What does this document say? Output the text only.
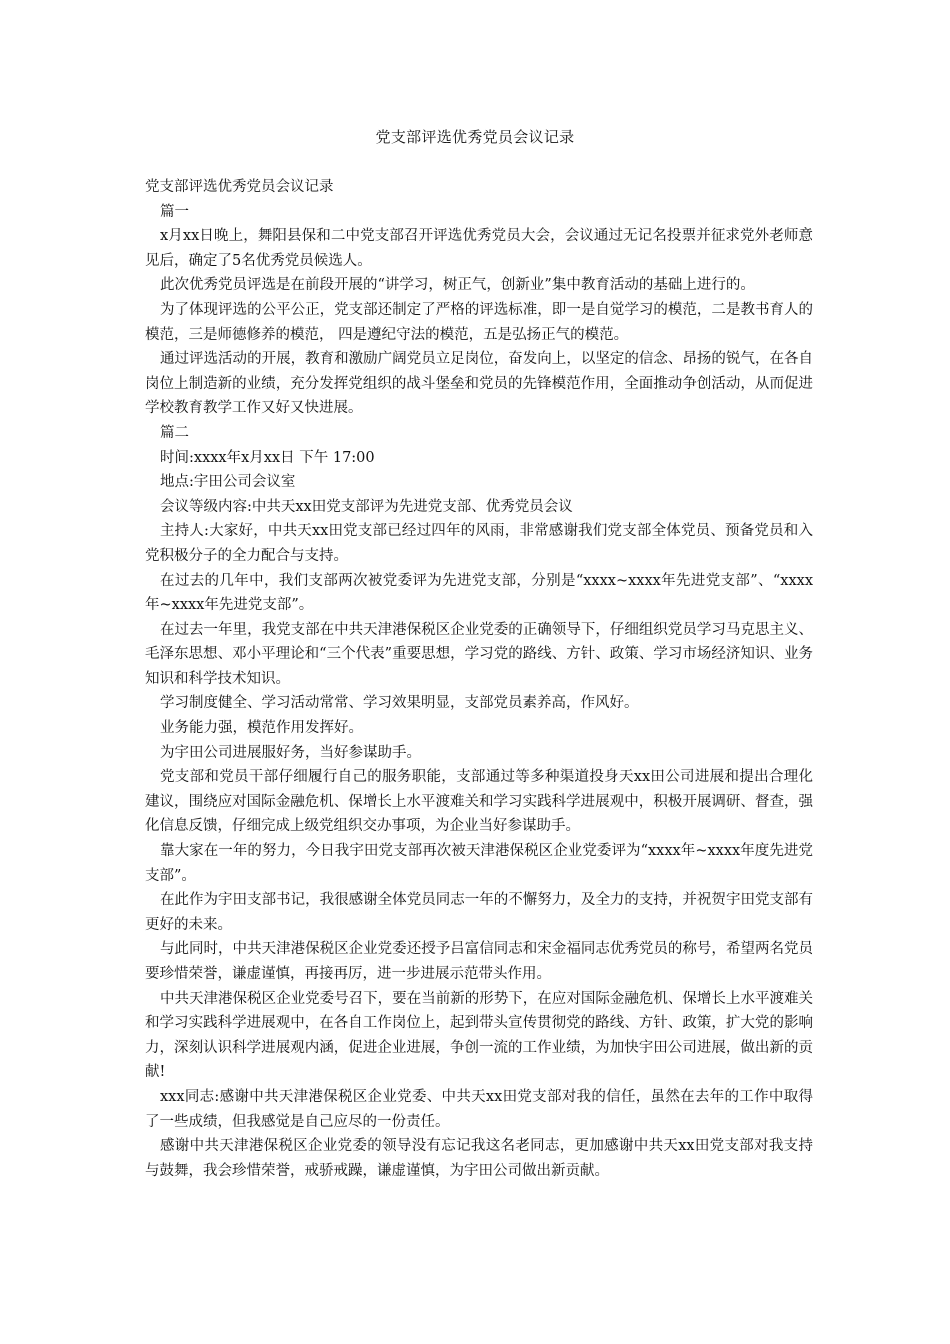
党支部评选优秀党员会议记录

党支部评选优秀党员会议记录

篇一

x月xx日晚上，舞阳县保和二中党支部召开评选优秀党员大会，会议通过无记名投票并征求党外老师意见后，确定了5名优秀党员候选人。

此次优秀党员评选是在前段开展的“讲学习，树正气，创新业”集中教育活动的基础上进行的。

为了体现评选的公平公正，党支部还制定了严格的评选标准，即一是自觉学习的模范，二是教书育人的模范，三是师德修养的模范， 四是遵纪守法的模范，五是弘扬正气的模范。

通过评选活动的开展，教育和激励广阔党员立足岗位，奋发向上，以坚定的信念、昂扬的锐气，在各自岗位上制造新的业绩，充分发挥党组织的战斗堡垒和党员的先锋模范作用，全面推动争创活动，从而促进学校教育教学工作又好又快进展。

篇二

时间:xxxx年x月xx日 下午 17:00

地点:宇田公司会议室

会议等级内容:中共天xx田党支部评为先进党支部、优秀党员会议

主持人:大家好，中共天xx田党支部已经过四年的风雨，非常感谢我们党支部全体党员、预备党员和入党积极分子的全力配合与支持。

在过去的几年中，我们支部两次被党委评为先进党支部，分别是“xxxx~xxxx年先进党支部”、“xxxx年~xxxx年先进党支部”。

在过去一年里，我党支部在中共天津港保税区企业党委的正确领导下，仔细组织党员学习马克思主义、毛泽东思想、邓小平理论和“三个代表”重要思想，学习党的路线、方针、政策、学习市场经济知识、业务知识和科学技术知识。

学习制度健全、学习活动常常、学习效果明显，支部党员素养高，作风好。

业务能力强，模范作用发挥好。

为宇田公司进展服好务，当好参谋助手。

党支部和党员干部仔细履行自己的服务职能，支部通过等多种渠道投身天xx田公司进展和提出合理化建议，围绕应对国际金融危机、保增长上水平渡难关和学习实践科学进展观中，积极开展调研、督查，强化信息反馈，仔细完成上级党组织交办事项，为企业当好参谋助手。

靠大家在一年的努力，今日我宇田党支部再次被天津港保税区企业党委评为“xxxx年~xxxx年度先进党支部”。

在此作为宇田支部书记，我很感谢全体党员同志一年的不懈努力，及全力的支持，并祝贺宇田党支部有更好的未来。

与此同时，中共天津港保税区企业党委还授予吕富信同志和宋金福同志优秀党员的称号，希望两名党员要珍惜荣誉，谦虚谨慎，再接再厉，进一步进展示范带头作用。

中共天津港保税区企业党委号召下，要在当前新的形势下，在应对国际金融危机、保增长上水平渡难关和学习实践科学进展观中，在各自工作岗位上，起到带头宣传贯彻党的路线、方针、政策，扩大党的影响力，深刻认识科学进展观内涵，促进企业进展，争创一流的工作业绩，为加快宇田公司进展，做出新的贡献!

xxx同志:感谢中共天津港保税区企业党委、中共天xx田党支部对我的信任，虽然在去年的工作中取得了一些成绩，但我感觉是自己应尽的一份责任。

感谢中共天津港保税区企业党委的领导没有忘记我这名老同志，更加感谢中共天xx田党支部对我支持与鼓舞，我会珍惜荣誉，戒骄戒躁，谦虚谨慎，为宇田公司做出新贡献。
